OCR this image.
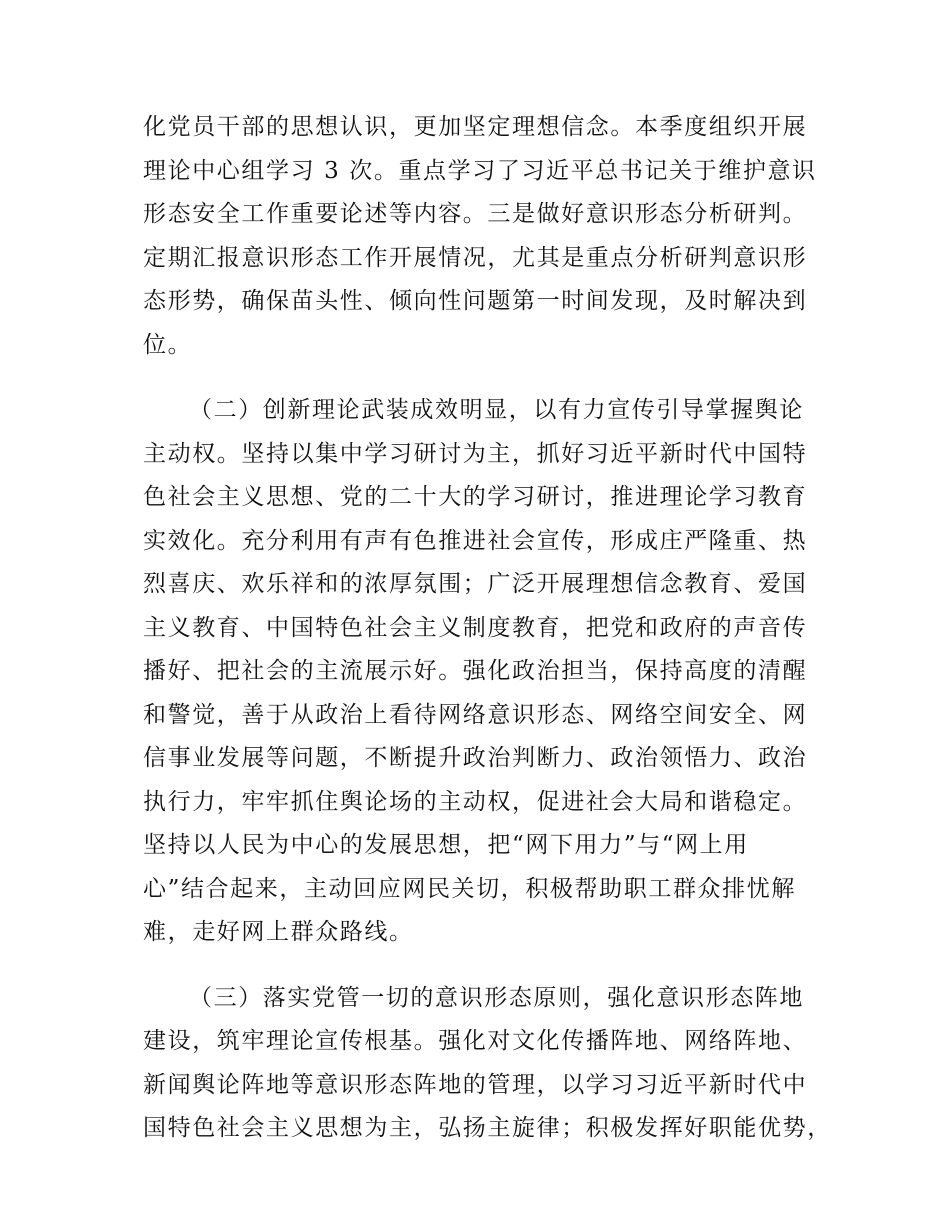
化党员干部的思想认识，更加坚定理想信念。本季度组织开展
理论中心组学习 3 次。重点学习了习近平总书记关于维护意识
形态安全工作重要论述等内容。三是做好意识形态分析研判。
定期汇报意识形态工作开展情况，尤其是重点分析研判意识形
态形势，确保苗头性、倾向性问题第一时间发现，及时解决到
位。
（二）创新理论武装成效明显，以有力宣传引导掌握舆论
主动权。坚持以集中学习研讨为主，抓好习近平新时代中国特
色社会主义思想、党的二十大的学习研讨，推进理论学习教育
实效化。充分利用有声有色推进社会宣传，形成庄严隆重、热
烈喜庆、欢乐祥和的浓厚氛围；广泛开展理想信念教育、爱国
主义教育、中国特色社会主义制度教育，把党和政府的声音传
播好、把社会的主流展示好。强化政治担当，保持高度的清醒
和警觉，善于从政治上看待网络意识形态、网络空间安全、网
信事业发展等问题，不断提升政治判断力、政治领悟力、政治
执行力，牢牢抓住舆论场的主动权，促进社会大局和谐稳定。
坚持以人民为中心的发展思想，把“网下用力”与“网上用
心”结合起来，主动回应网民关切，积极帮助职工群众排忧解
难，走好网上群众路线。
（三）落实党管一切的意识形态原则，强化意识形态阵地
建设，筑牢理论宣传根基。强化对文化传播阵地、网络阵地、
新闻舆论阵地等意识形态阵地的管理，以学习习近平新时代中
国特色社会主义思想为主，弘扬主旋律；积极发挥好职能优势，
